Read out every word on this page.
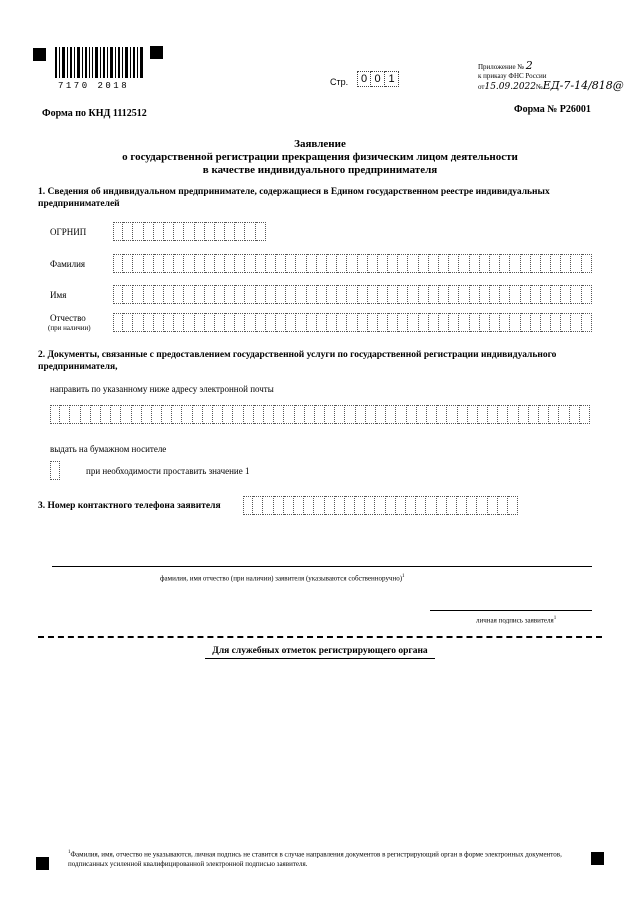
7170 2018	Стр.	0 0 1
Приложение № 2
к приказу ФНС России
от15.09.2022№ЕД-7-14/818@
Форма по КНД 1112512	Форма № Р26001
Заявление
о государственной регистрации прекращения физическим лицом деятельности
в качестве индивидуального предпринимателя
1. Сведения об индивидуальном предпринимателе, содержащиеся в Едином государственном реестре индивидуальных предпринимателей
ОГРНИП
Фамилия
Имя
Отчество
(при наличии)
2. Документы, связанные с предоставлением государственной услуги по государственной регистрации индивидуального предпринимателя,
направить по указанному ниже адресу электронной почты
выдать на бумажном носителе
при необходимости проставить значение 1
3. Номер контактного телефона заявителя
фамилия, имя отчество (при наличии) заявителя (указываются собственноручно)$^1$
личная подпись заявителя$^1$
Для служебных отметок регистрирующего органа
$^1$Фамилия, имя, отчество не указываются, личная подпись не ставится в случае направления документов в регистрирующий орган в форме электронных документов, подписанных усиленной квалифицированной электронной подписью заявителя.
